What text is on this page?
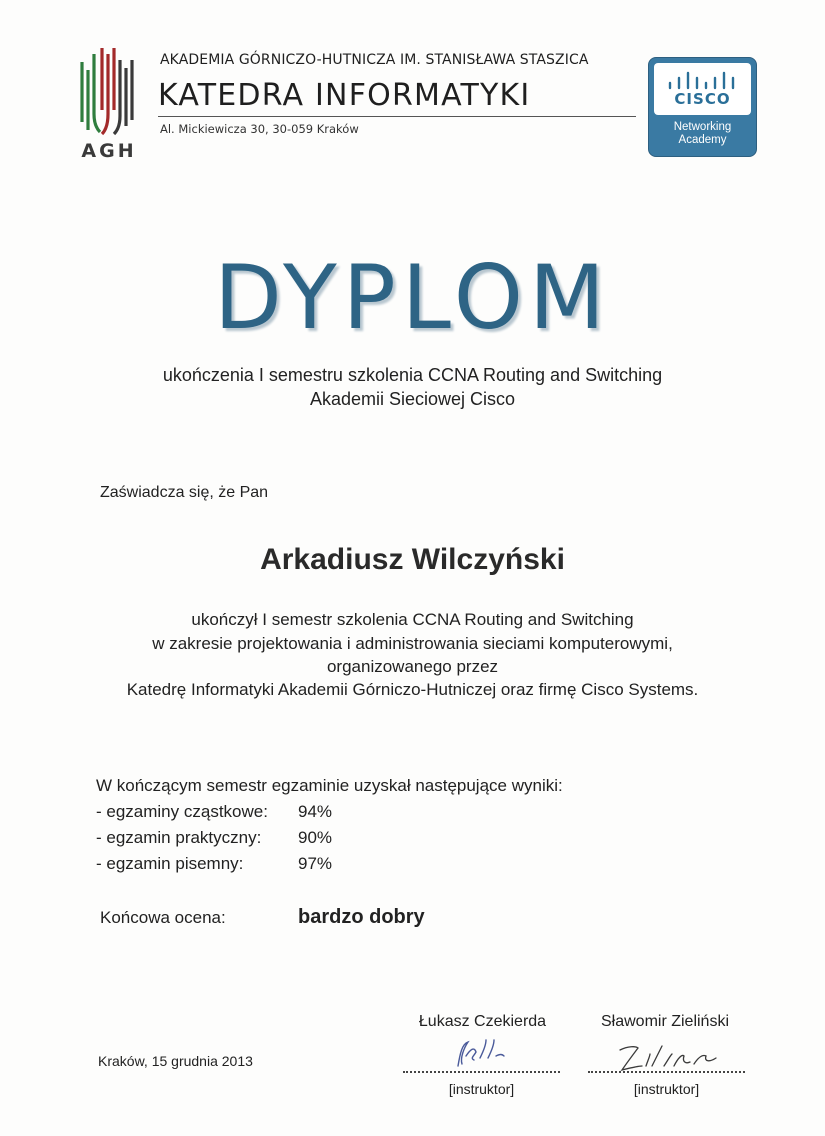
AGH
AKADEMIA GÓRNICZO-HUTNICZA IM. STANISŁAWA STASZICA
KATEDRA INFORMATYKI
Al. Mickiewicza 30, 30-059 Kraków
CISCO
Networking
Academy
DYPLOM
ukończenia I semestru szkolenia CCNA Routing and Switching
Akademii Sieciowej Cisco
Zaświadcza się, że Pan
Arkadiusz Wilczyński
ukończył I semestr szkolenia CCNA Routing and Switching
w zakresie projektowania i administrowania sieciami komputerowymi,
organizowanego przez
Katedrę Informatyki Akademii Górniczo-Hutniczej oraz firmę Cisco Systems.
W kończącym semestr egzaminie uzyskał następujące wyniki:
- egzaminy cząstkowe: 94%
- egzamin praktyczny: 90%
- egzamin pisemny:	97%
Końcowa ocena:	bardzo dobry
Łukasz Czekierda	Sławomir Zieliński
[instruktor]	[instruktor]
Kraków, 15 grudnia 2013
